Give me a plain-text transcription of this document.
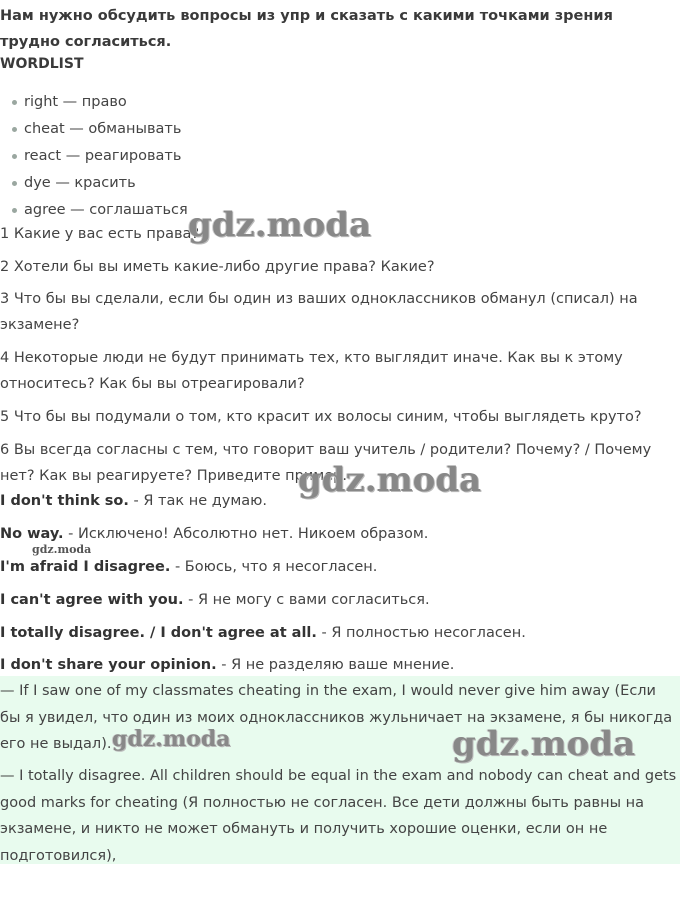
Нам нужно обсудить вопросы из упр и сказать с какими точками зрения трудно согласиться.
WORDLIST
right — право
cheat — обманывать
react — реагировать
dye — красить
agree — соглашаться
1 Какие у вас есть права?
2 Хотели бы вы иметь какие-либо другие права? Какие?
3 Что бы вы сделали, если бы один из ваших одноклассников обманул (списал) на экзамене?
4 Некоторые люди не будут принимать тех, кто выглядит иначе. Как вы к этому относитесь? Как бы вы отреагировали?
5 Что бы вы подумали о том, кто красит их волосы синим, чтобы выглядеть круто?
6 Вы всегда согласны с тем, что говорит ваш учитель / родители? Почему? / Почему нет? Как вы реагируете? Приведите пример.
I don't think so. - Я так не думаю.
No way. - Исключено! Абсолютно нет. Никоем образом.
I'm afraid I disagree. - Боюсь, что я несогласен.
I can't agree with you. - Я не могу с вами согласиться.
I totally disagree. / I don't agree at all. - Я полностью несогласен.
I don't share your opinion. - Я не разделяю ваше мнение.
— If I saw one of my classmates cheating in the exam, I would never give him away (Если бы я увидел, что один из моих одноклассников жульничает на экзамене, я бы никогда его не выдал).
— I totally disagree. All children should be equal in the exam and nobody can cheat and gets good marks for cheating (Я полностью не согласен. Все дети должны быть равны на экзамене, и никто не может обмануть и получить хорошие оценки, если он не подготовился),
gdz.moda
gdz.moda
gdz.moda
gdz.moda	gdz.moda
